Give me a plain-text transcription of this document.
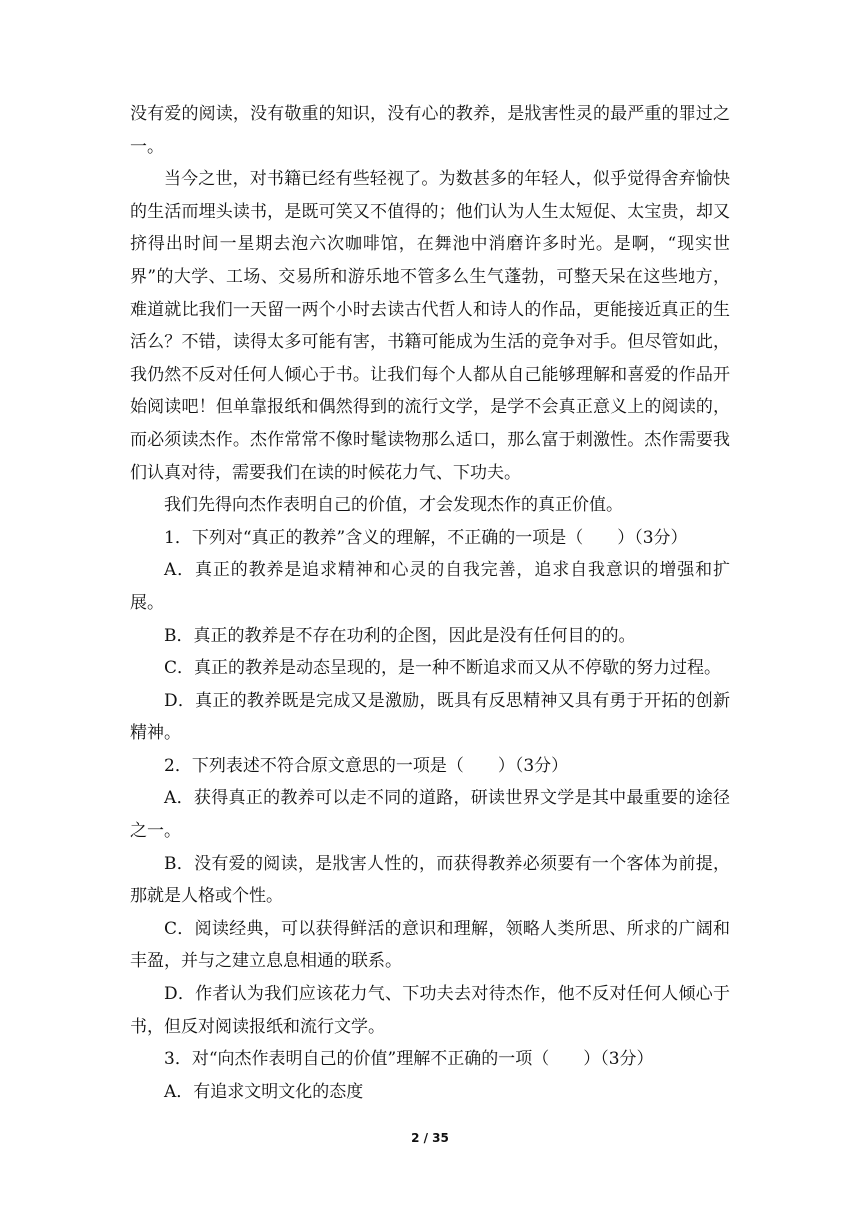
没有爱的阅读，没有敬重的知识，没有心的教养，是戕害性灵的最严重的罪过之一。

当今之世，对书籍已经有些轻视了。为数甚多的年轻人，似乎觉得舍弃愉快的生活而埋头读书，是既可笑又不值得的；他们认为人生太短促、太宝贵，却又挤得出时间一星期去泡六次咖啡馆，在舞池中消磨许多时光。是啊，“现实世界”的大学、工场、交易所和游乐地不管多么生气蓬勃，可整天呆在这些地方，难道就比我们一天留一两个小时去读古代哲人和诗人的作品，更能接近真正的生活么？不错，读得太多可能有害，书籍可能成为生活的竞争对手。但尽管如此，我仍然不反对任何人倾心于书。让我们每个人都从自己能够理解和喜爱的作品开始阅读吧！但单靠报纸和偶然得到的流行文学，是学不会真正意义上的阅读的，而必须读杰作。杰作常常不像时髦读物那么适口，那么富于刺激性。杰作需要我们认真对待，需要我们在读的时候花力气、下功夫。

我们先得向杰作表明自己的价值，才会发现杰作的真正价值。

1．下列对“真正的教养”含义的理解，不正确的一项是（　　）（3分）

A．真正的教养是追求精神和心灵的自我完善，追求自我意识的增强和扩展。

B．真正的教养是不存在功利的企图，因此是没有任何目的的。

C．真正的教养是动态呈现的，是一种不断追求而又从不停歇的努力过程。

D．真正的教养既是完成又是激励，既具有反思精神又具有勇于开拓的创新精神。

2．下列表述不符合原文意思的一项是（　　）（3分）

A．获得真正的教养可以走不同的道路，研读世界文学是其中最重要的途径之一。

B．没有爱的阅读，是戕害人性的，而获得教养必须要有一个客体为前提，那就是人格或个性。

C．阅读经典，可以获得鲜活的意识和理解，领略人类所思、所求的广阔和丰盈，并与之建立息息相通的联系。

D．作者认为我们应该花力气、下功夫去对待杰作，他不反对任何人倾心于书，但反对阅读报纸和流行文学。

3．对“向杰作表明自己的价值”理解不正确的一项（　　）（3分）

A．有追求文明文化的态度

2 / 35
